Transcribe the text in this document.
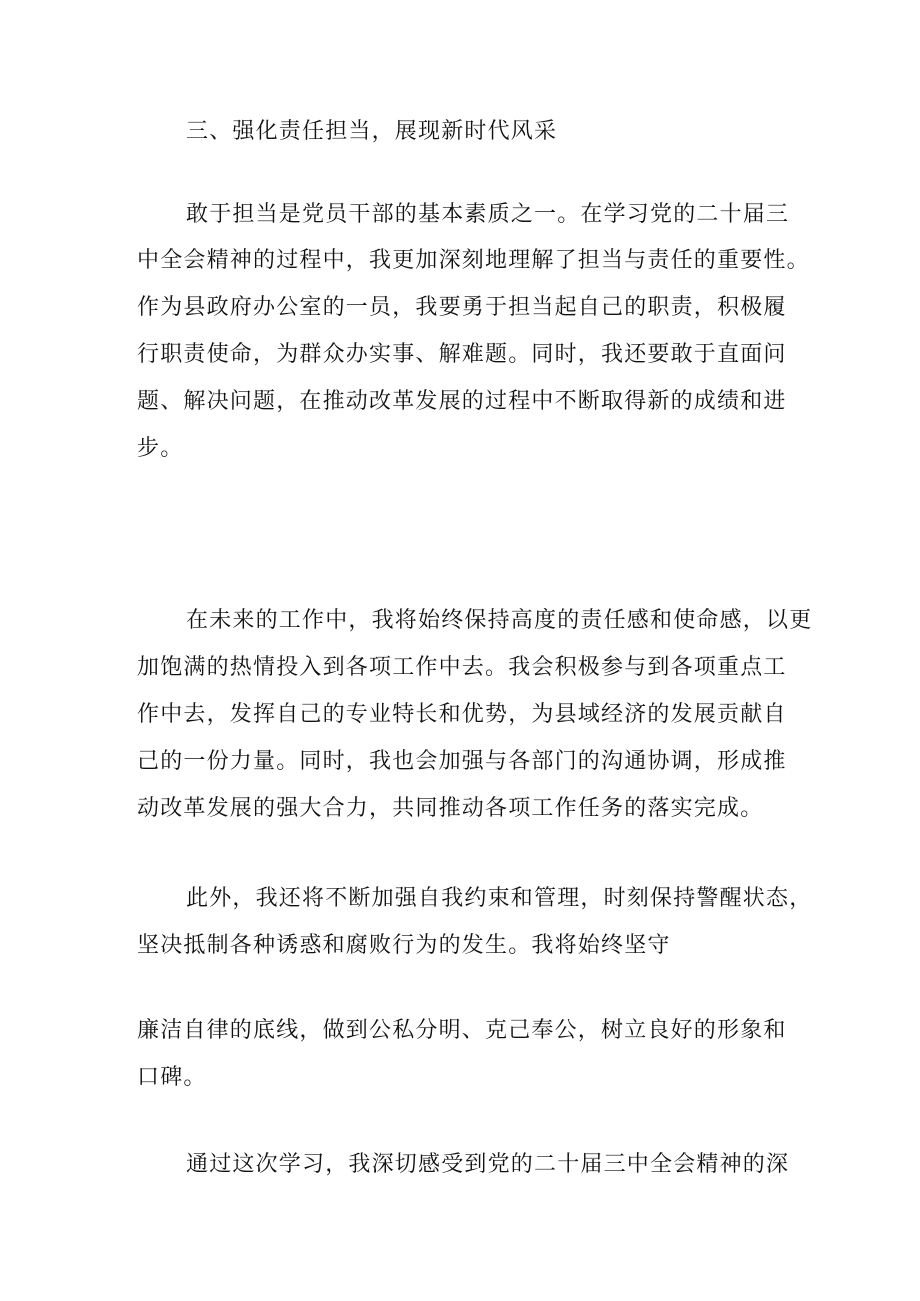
三、强化责任担当，展现新时代风采

敢于担当是党员干部的基本素质之一。在学习党的二十届三

中全会精神的过程中，我更加深刻地理解了担当与责任的重要性。

作为县政府办公室的一员，我要勇于担当起自己的职责，积极履

行职责使命，为群众办实事、解难题。同时，我还要敢于直面问

题、解决问题，在推动改革发展的过程中不断取得新的成绩和进

步。

在未来的工作中，我将始终保持高度的责任感和使命感，以更

加饱满的热情投入到各项工作中去。我会积极参与到各项重点工

作中去，发挥自己的专业特长和优势，为县域经济的发展贡献自

己的一份力量。同时，我也会加强与各部门的沟通协调，形成推

动改革发展的强大合力，共同推动各项工作任务的落实完成。

此外，我还将不断加强自我约束和管理，时刻保持警醒状态，

坚决抵制各种诱惑和腐败行为的发生。我将始终坚守

廉洁自律的底线，做到公私分明、克己奉公，树立良好的形象和

口碑。

通过这次学习，我深切感受到党的二十届三中全会精神的深
